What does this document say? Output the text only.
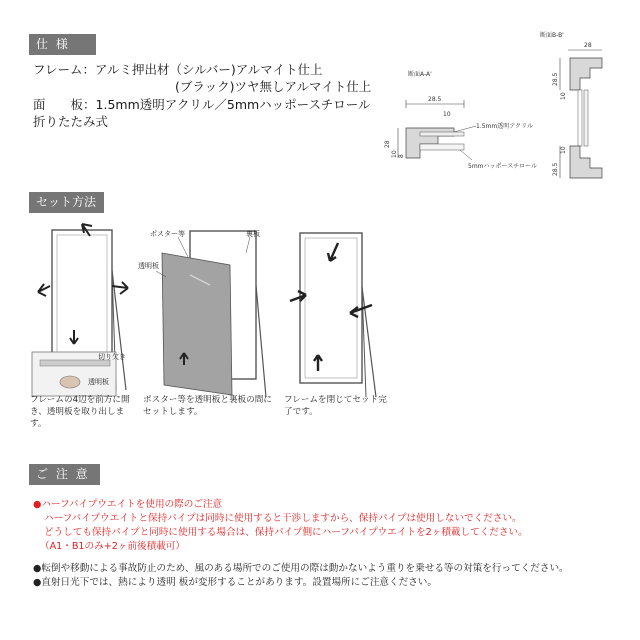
仕 様
フレーム：アルミ押出材（シルバー)アルマイト仕上
(ブラック)ツヤ無しアルマイト仕上
面　　板：1.5mm透明アクリル／5mmハッポースチロール
折りたたみ式
断面A-A'
28.5
10
1.5mm透明アクリル
5mmハッポースチロール
28
10 8
断面B-B'
28
28.5
10
10
28.5
セット方法
切り欠き
透明板
ポスター等	裏板
透明板
フレームの4辺を前方に開き、透明板を取り出します。
ポスター等を透明板と裏板の間にセットします。
フレームを閉じてセット完了です。
ご 注 意
●ハーフパイプウエイトを使用の際のご注意
ハーフパイプウエイトと保持パイプは同時に使用すると干渉しますから、保持パイプは使用しないでください。
どうしても保持パイプと同時に使用する場合は、保持パイプ側にハーフパイプウエイトを2ヶ積載してください。
（A1・B1のみ+2ヶ前後積載可）
●転倒や移動による事故防止のため、風のある場所でのご使用の際は動かないよう重りを乗せる等の対策を行ってください。
●直射日光下では、熱により透明 板が変形することがあります。設置場所にご注意ください。
